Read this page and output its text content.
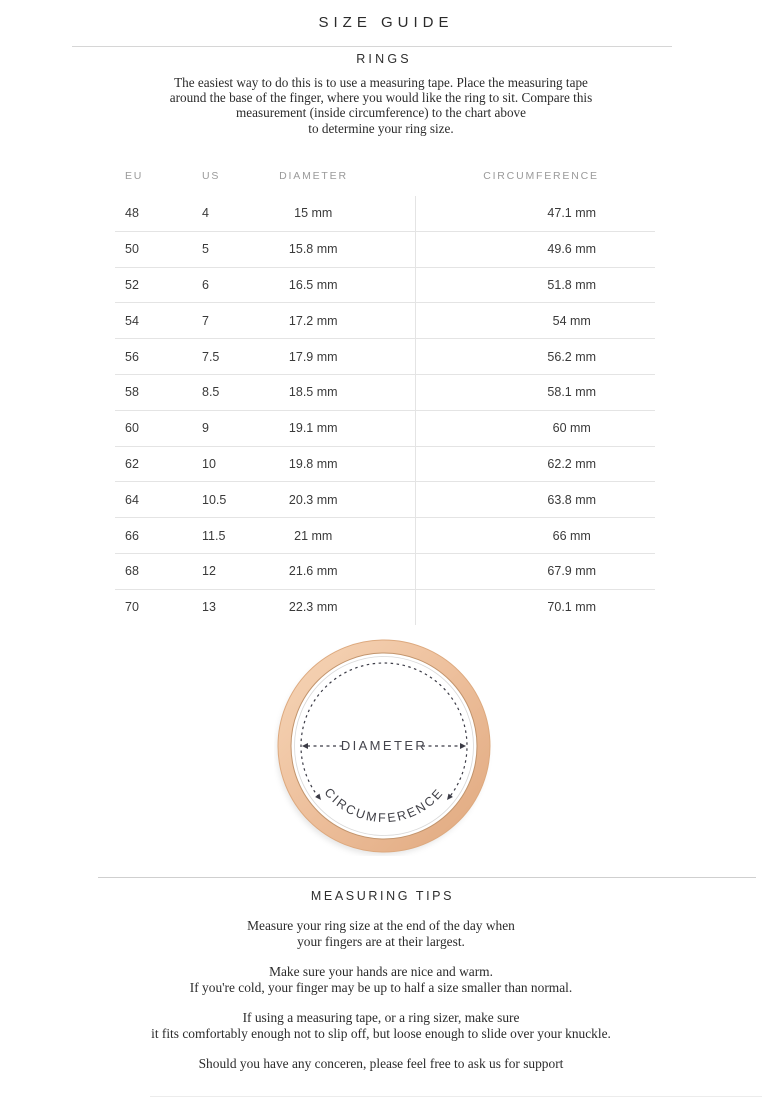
SIZE GUIDE
RINGS
The easiest way to do this is to use a measuring tape. Place the measuring tape
around the base of the finger, where you would like the ring to sit. Compare this
measurement (inside circumference) to the chart above
to determine your ring size.
EU	US	DIAMETER	CIRCUMFERENCE
48	4	15 mm	47.1 mm
50	5	15.8 mm	49.6 mm
52	6	16.5 mm	51.8 mm
54	7	17.2 mm	54 mm
56	7.5	17.9 mm	56.2 mm
58	8.5	18.5 mm	58.1 mm
60	9	19.1 mm	60 mm
62	10	19.8 mm	62.2 mm
64	10.5	20.3 mm	63.8 mm
66	11.5	21 mm	66 mm
68	12	21.6 mm	67.9 mm
70	13	22.3 mm	70.1 mm
DIAMETER
CIRCUMFERENCE
MEASURING TIPS

Measure your ring size at the end of the day when
your fingers are at their largest.

Make sure your hands are nice and warm.
If you're cold, your finger may be up to half a size smaller than normal.

If using a measuring tape, or a ring sizer, make sure
it fits comfortably enough not to slip off, but loose enough to slide over your knuckle.

Should you have any conceren, please feel free to ask us for support
